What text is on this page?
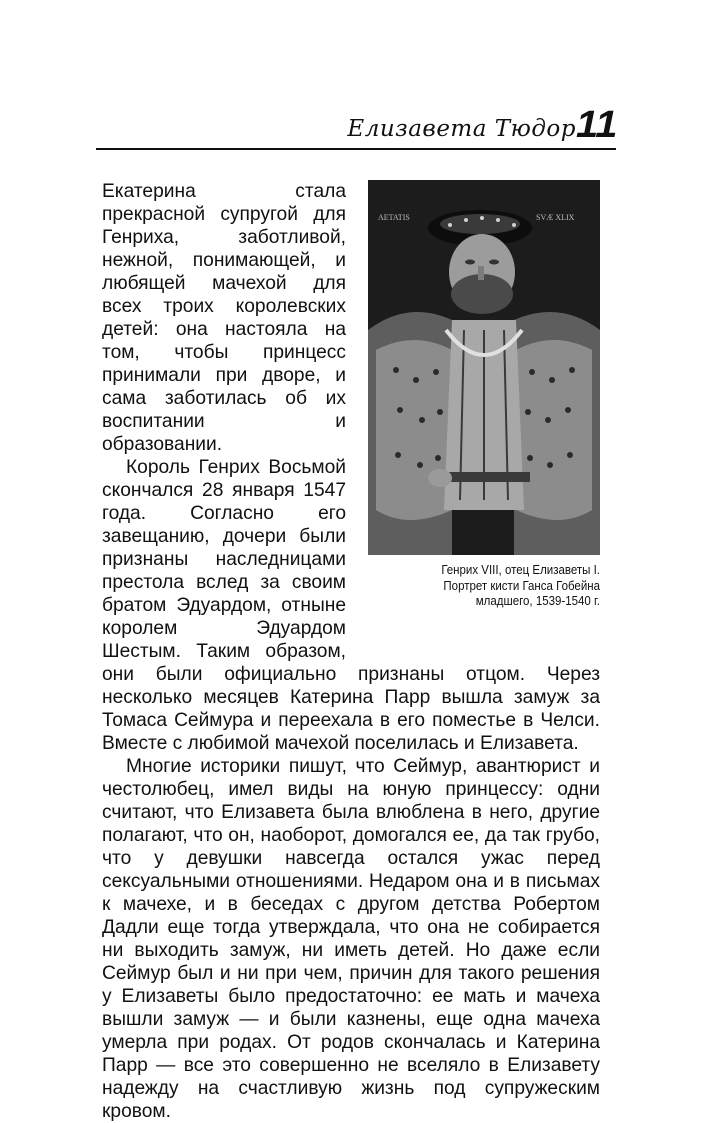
Елизавета Тюдор 11
AETATIS	SVÆ XLIX
Генрих VIII, отец Елизаветы I.
Портрет кисти Ганса Гобейна
младшего, 1539-1540 г.

Екатерина стала прекрасной супругой для Генриха, заботливой, нежной, понимающей, и любящей мачехой для всех троих королевских детей: она настояла на том, чтобы принцесс принимали при дворе, и сама заботилась об их воспитании и образовании.

Король Генрих Восьмой скончался 28 января 1547 года. Согласно его завещанию, дочери были признаны наследницами престола вслед за своим братом Эдуардом, отныне королем Эдуардом Шестым. Таким образом, они были официально признаны отцом. Через несколько месяцев Катерина Парр вышла замуж за Томаса Сеймура и переехала в его поместье в Челси. Вместе с любимой мачехой поселилась и Елизавета.

Многие историки пишут, что Сеймур, авантюрист и честолюбец, имел виды на юную принцессу: одни считают, что Елизавета была влюблена в него, другие полагают, что он, наоборот, домогался ее, да так грубо, что у девушки навсегда остался ужас перед сексуальными отношениями. Недаром она и в письмах к мачехе, и в беседах с другом детства Робертом Дадли еще тогда утверждала, что она не собирается ни выходить замуж, ни иметь детей. Но даже если Сеймур был и ни при чем, причин для такого решения у Елизаветы было предостаточно: ее мать и мачеха вышли замуж — и были казнены, еще одна мачеха умерла при родах. От родов скончалась и Катерина Парр — все это совершенно не вселяло в Елизавету надежду на счастливую жизнь под супружеским кровом.
